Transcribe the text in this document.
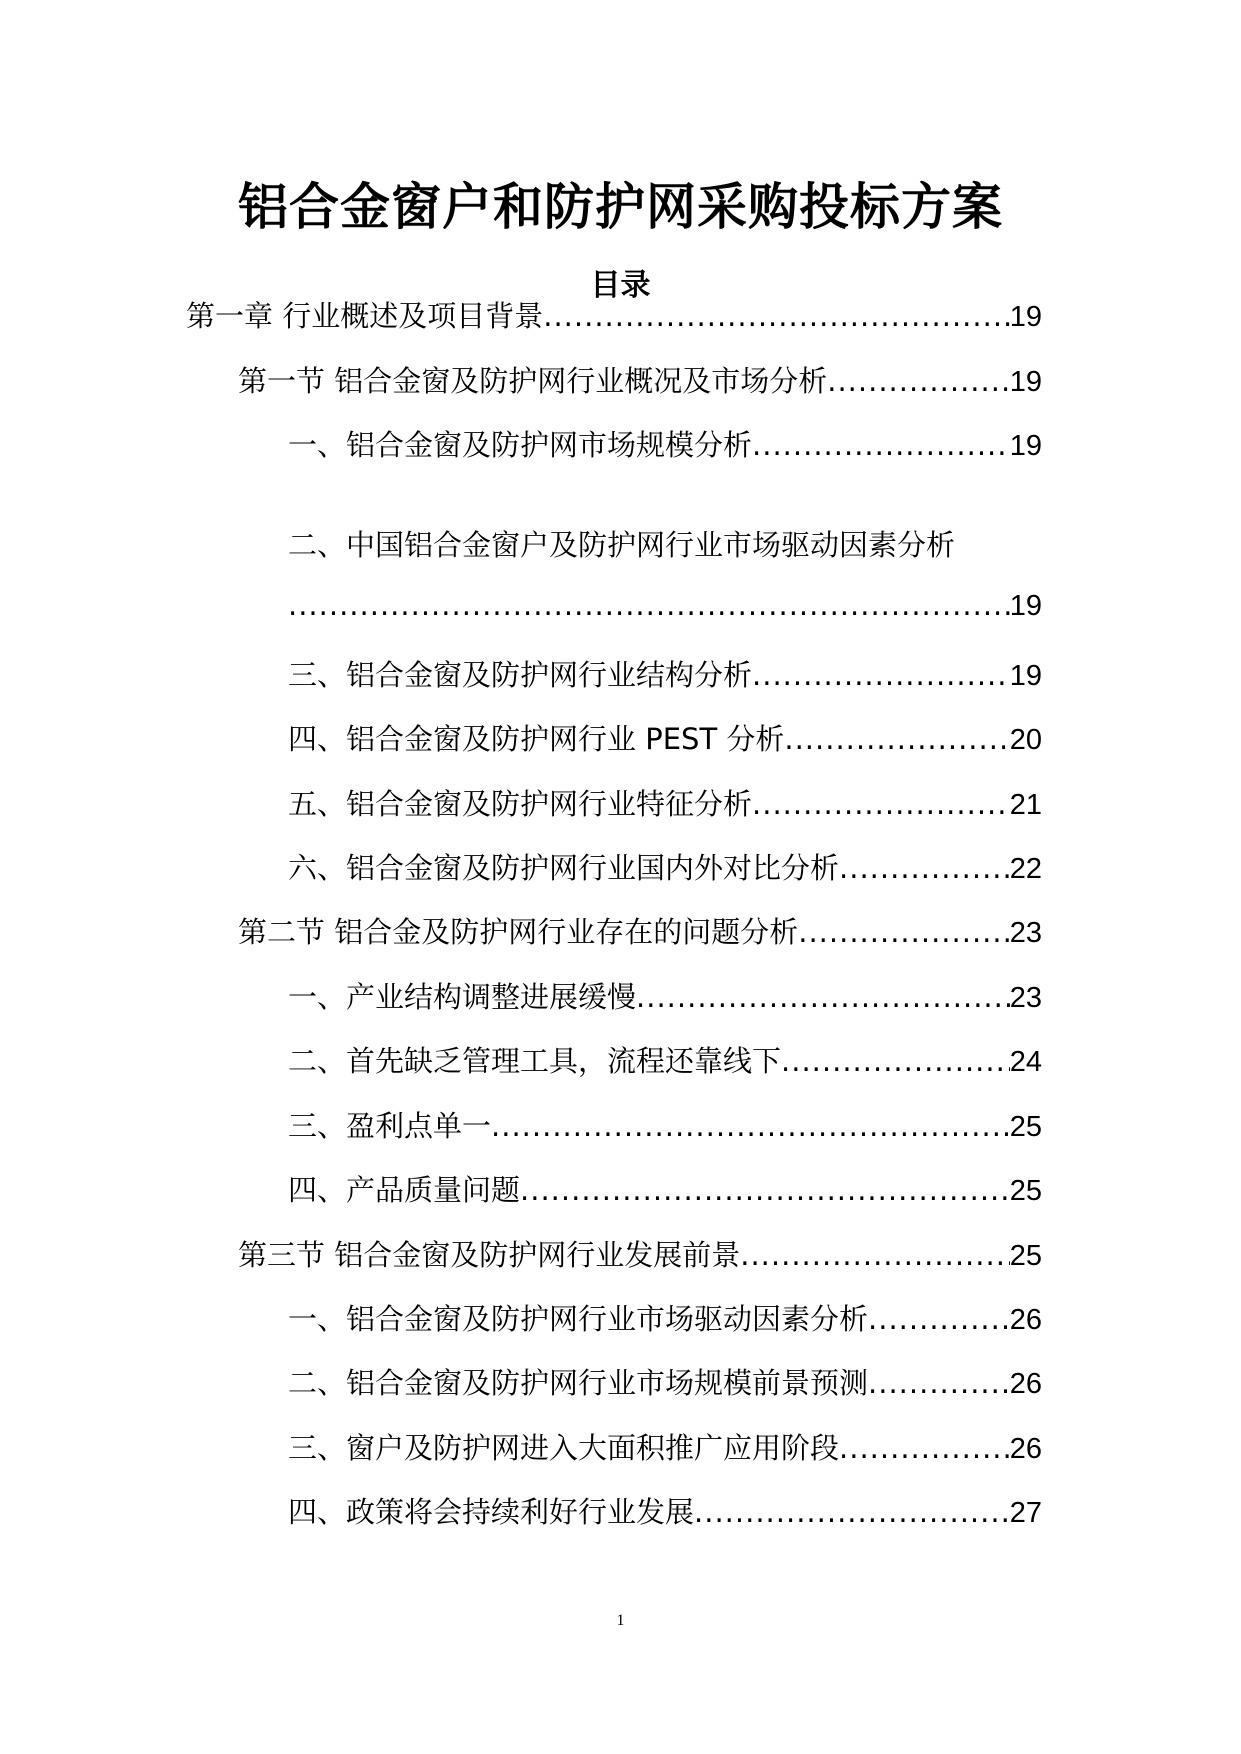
铝合金窗户和防护网采购投标方案
目录
第一章 行业概述及项目背景 .....	19
第一节 铝合金窗及防护网行业概况及市场分析 .....	19
一、铝合金窗及防护网市场规模分析 .....	19
二、中国铝合金窗户及防护网行业市场驱动因素分析
.....
19
三、铝合金窗及防护网行业结构分析 .....	19
四、铝合金窗及防护网行业 PEST 分析 .....	20
五、铝合金窗及防护网行业特征分析 .....	21
六、铝合金窗及防护网行业国内外对比分析 .....	22
第二节 铝合金及防护网行业存在的问题分析 .....	23
一、产业结构调整进展缓慢 .....	23
二、首先缺乏管理工具，流程还靠线下 .....	24
三、盈利点单一 .....	25
四、产品质量问题 .....	25
第三节 铝合金窗及防护网行业发展前景 .....	25
一、铝合金窗及防护网行业市场驱动因素分析 .....	26
二、铝合金窗及防护网行业市场规模前景预测 .....	26
三、窗户及防护网进入大面积推广应用阶段 .....	26
四、政策将会持续利好行业发展 .....	27
1
